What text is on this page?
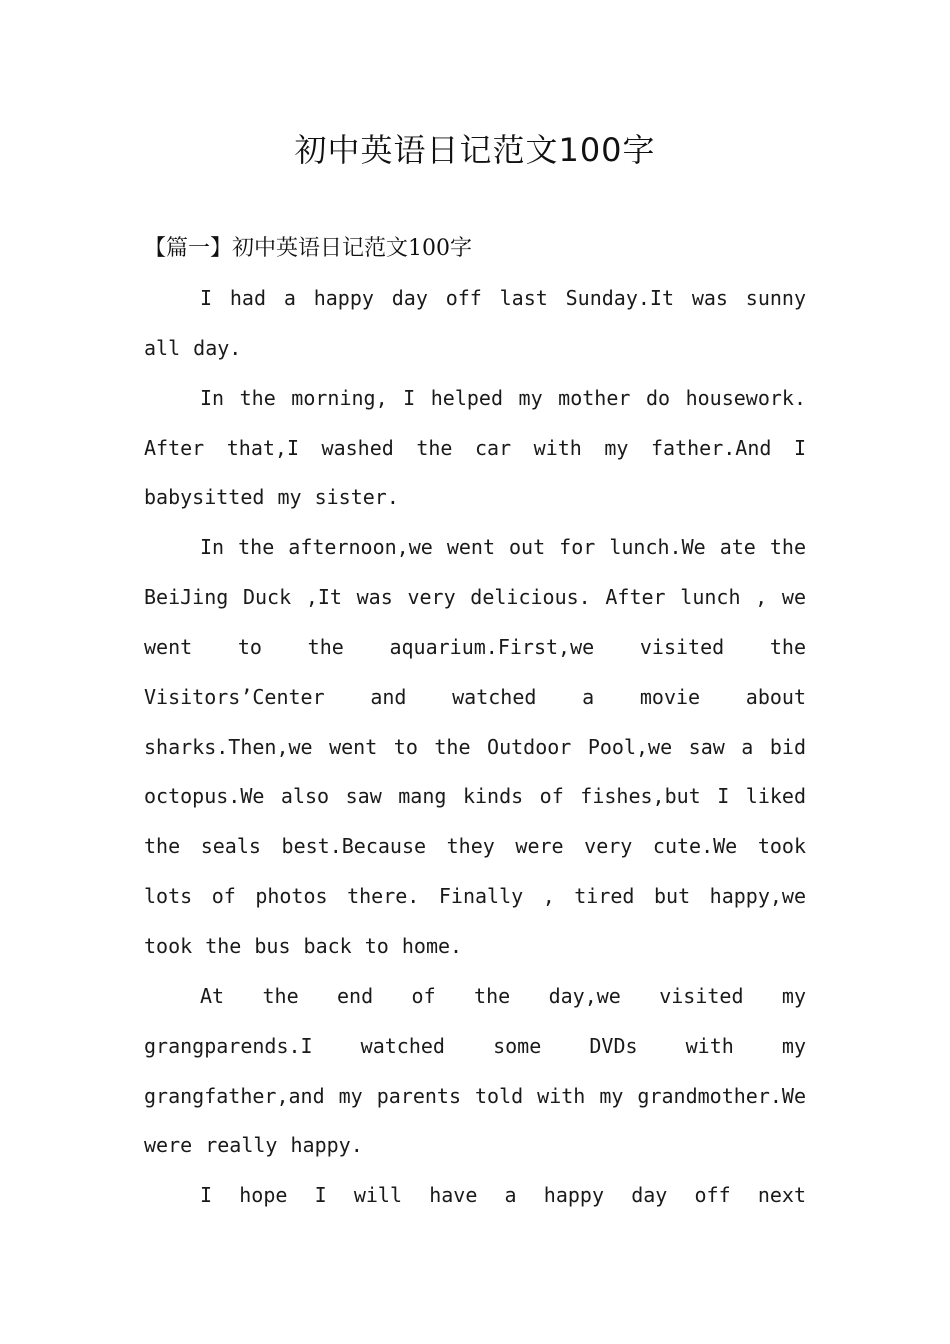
初中英语日记范文100字
【篇一】初中英语日记范文100字

I had a happy day off last Sunday.It was sunny all day.

In the morning, I helped my mother do housework. After that,I washed the car with my father.And I babysitted my sister.

In the afternoon,we went out for lunch.We ate the BeiJing Duck ,It was very delicious. After lunch , we went to the aquarium.First,we visited the Visitors’Center and watched a movie about sharks.Then,we went to the Outdoor Pool,we saw a bid octopus.We also saw mang kinds of fishes,but I liked the seals best.Because they were very cute.We took lots of photos there. Finally , tired but happy,we took the bus back to home.

At the end of the day,we visited my grangparends.I watched some DVDs with my grangfather,and my parents told with my grandmother.We were really happy.

I hope I will have a happy day off next
